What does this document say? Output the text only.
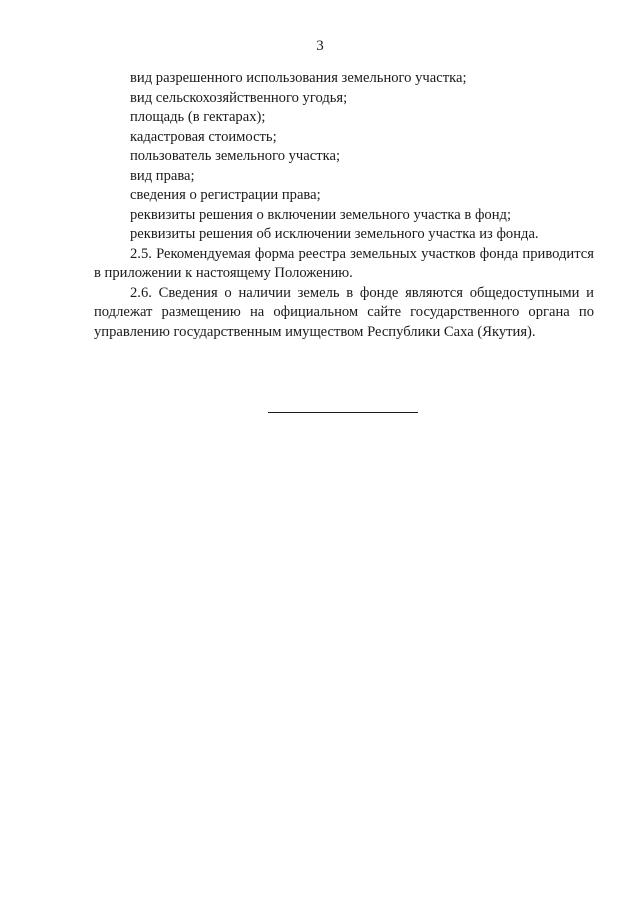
3

вид разрешенного использования земельного участка;

вид сельскохозяйственного угодья;

площадь (в гектарах);

кадастровая стоимость;

пользователь земельного участка;

вид права;

сведения о регистрации права;

реквизиты решения о включении земельного участка в фонд;

реквизиты решения об исключении земельного участка из фонда.

2.5. Рекомендуемая форма реестра земельных участков фонда приводится в приложении к настоящему Положению.

2.6. Сведения о наличии земель в фонде являются общедоступными и подлежат размещению на официальном сайте государственного органа по управлению государственным имуществом Республики Саха (Якутия).
